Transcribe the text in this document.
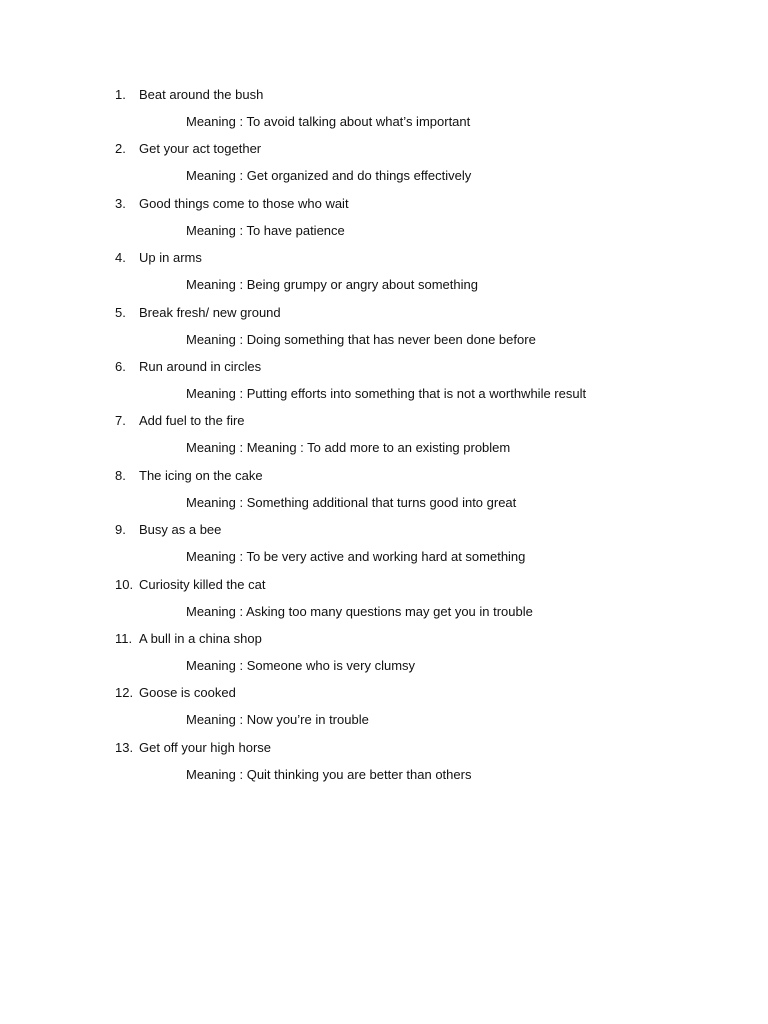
1. Beat around the bush
Meaning : To avoid talking about what’s important
2. Get your act together
Meaning : Get organized and do things effectively
3. Good things come to those who wait
Meaning : To have patience
4. Up in arms
Meaning : Being grumpy or angry about something
5. Break fresh/ new ground
Meaning : Doing something that has never been done before
6. Run around in circles
Meaning : Putting efforts into something that is not a worthwhile result
7. Add fuel to the fire
Meaning : Meaning : To add more to an existing problem
8. The icing on the cake
Meaning : Something additional that turns good into great
9. Busy as a bee
Meaning : To be very active and working hard at something
10. Curiosity killed the cat
Meaning : Asking too many questions may get you in trouble
11. A bull in a china shop
Meaning : Someone who is very clumsy
12. Goose is cooked
Meaning : Now you’re in trouble
13. Get off your high horse
Meaning : Quit thinking you are better than others
